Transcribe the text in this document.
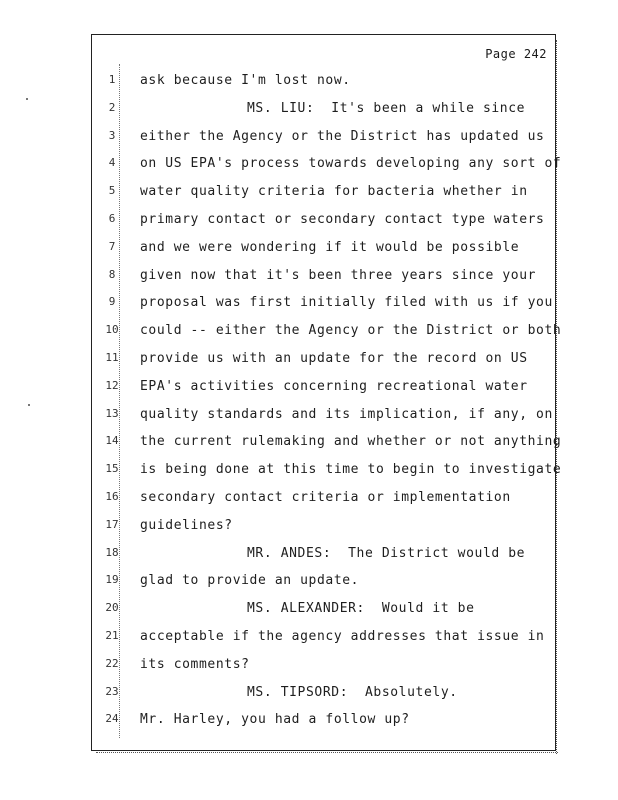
Page 242
1	ask because I'm lost now.
2	MS. LIU:  It's been a while since
3	either the Agency or the District has updated us
4	on US EPA's process towards developing any sort of
5	water quality criteria for bacteria whether in
6	primary contact or secondary contact type waters
7	and we were wondering if it would be possible
8	given now that it's been three years since your
9	proposal was first initially filed with us if you
10 could -- either the Agency or the District or both
11 provide us with an update for the record on US
12 EPA's activities concerning recreational water
13 quality standards and its implication, if any, on
14 the current rulemaking and whether or not anything
15 is being done at this time to begin to investigate
16 secondary contact criteria or implementation
17 guidelines?
18	MR. ANDES:  The District would be
19 glad to provide an update.
20	MS. ALEXANDER:  Would it be
21 acceptable if the agency addresses that issue in
22 its comments?
23	MS. TIPSORD:  Absolutely.
24 Mr. Harley, you had a follow up?
